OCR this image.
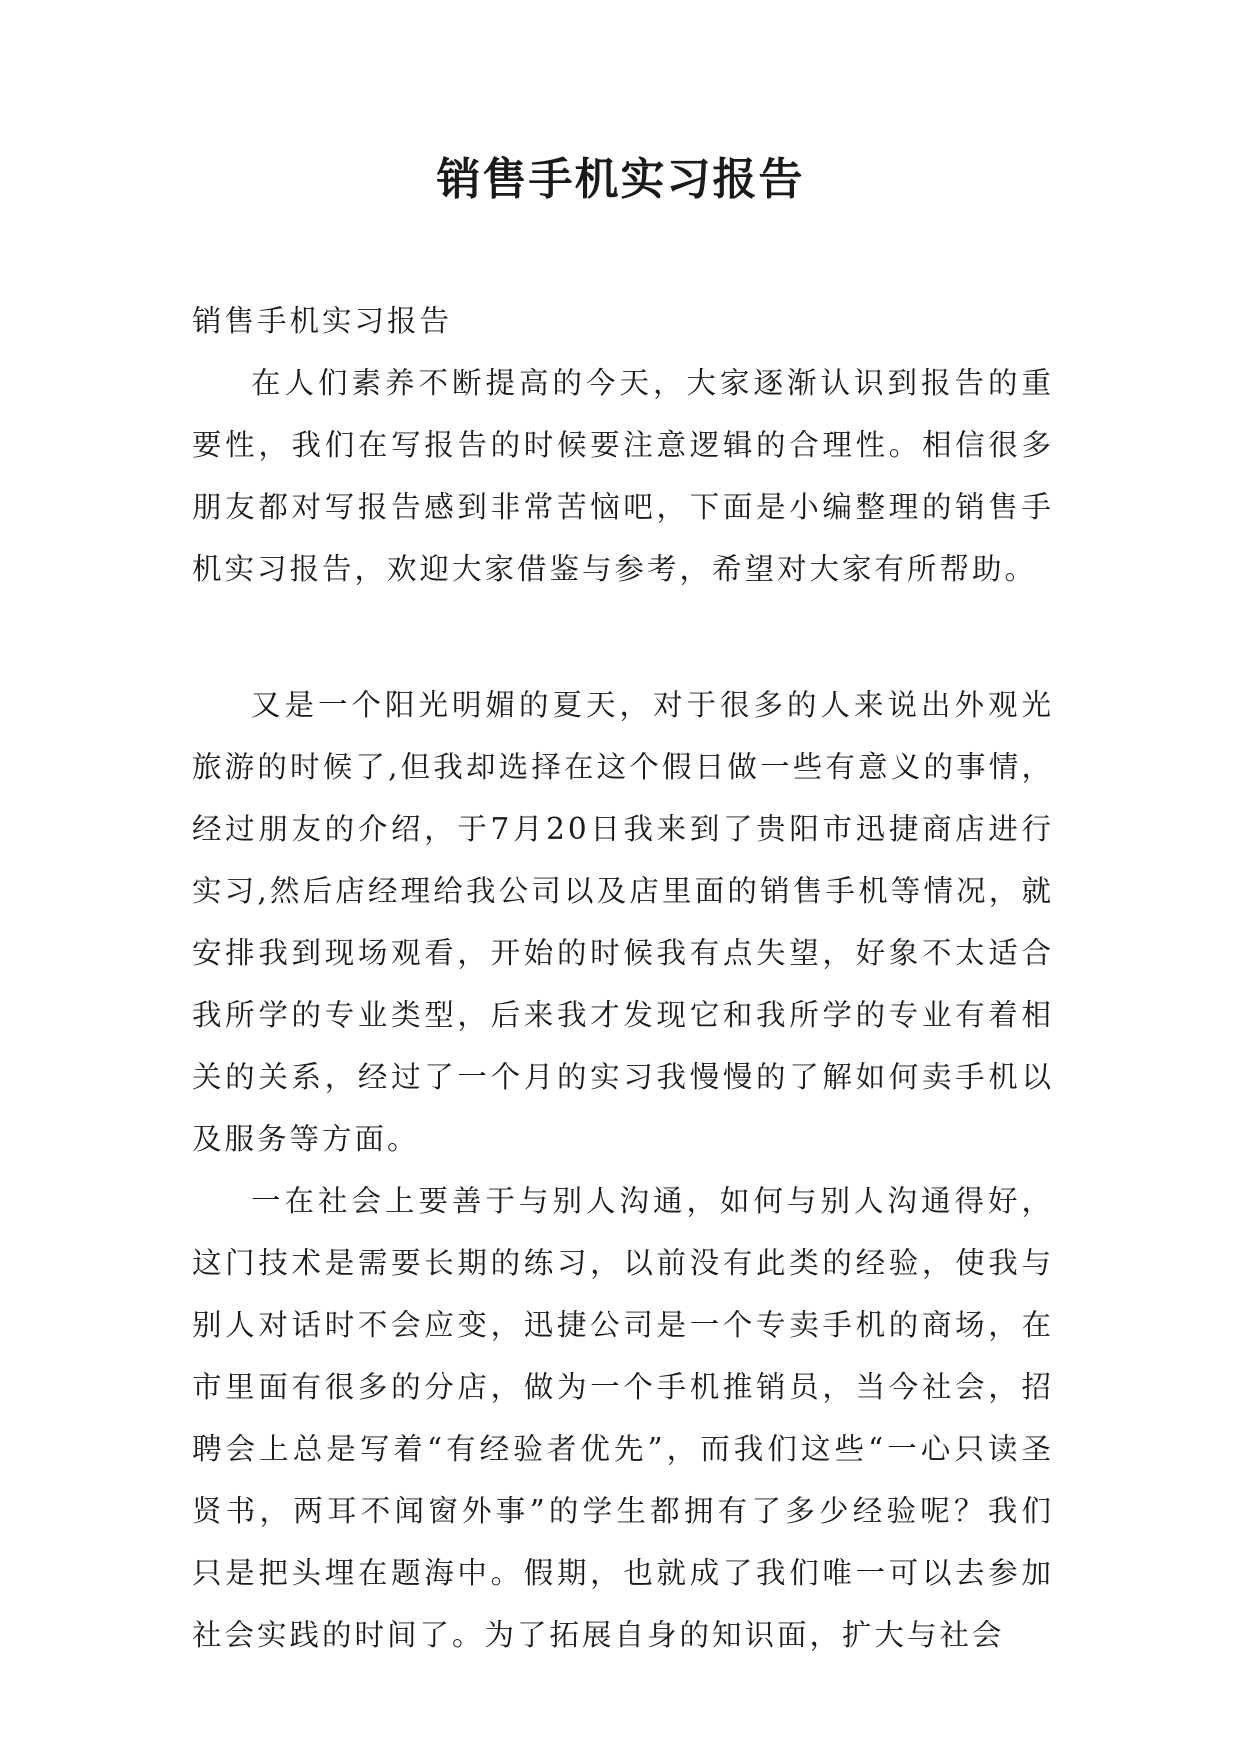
销售手机实习报告

销售手机实习报告

在人们素养不断提高的今天，大家逐渐认识到报告的重要性，我们在写报告的时候要注意逻辑的合理性。相信很多朋友都对写报告感到非常苦恼吧，下面是小编整理的销售手机实习报告，欢迎大家借鉴与参考，希望对大家有所帮助。

又是一个阳光明媚的夏天，对于很多的人来说出外观光旅游的时候了,但我却选择在这个假日做一些有意义的事情，经过朋友的介绍，于7月20日我来到了贵阳市迅捷商店进行实习,然后店经理给我公司以及店里面的销售手机等情况，就安排我到现场观看，开始的时候我有点失望，好象不太适合我所学的专业类型，后来我才发现它和我所学的专业有着相关的关系，经过了一个月的实习我慢慢的了解如何卖手机以及服务等方面。

一在社会上要善于与别人沟通，如何与别人沟通得好，这门技术是需要长期的练习，以前没有此类的经验，使我与别人对话时不会应变，迅捷公司是一个专卖手机的商场，在市里面有很多的分店，做为一个手机推销员，当今社会，招聘会上总是写着“有经验者优先”，而我们这些“一心只读圣贤书，两耳不闻窗外事”的学生都拥有了多少经验呢？我们只是把头埋在题海中。假期，也就成了我们唯一可以去参加社会实践的时间了。为了拓展自身的知识面，扩大与社会
